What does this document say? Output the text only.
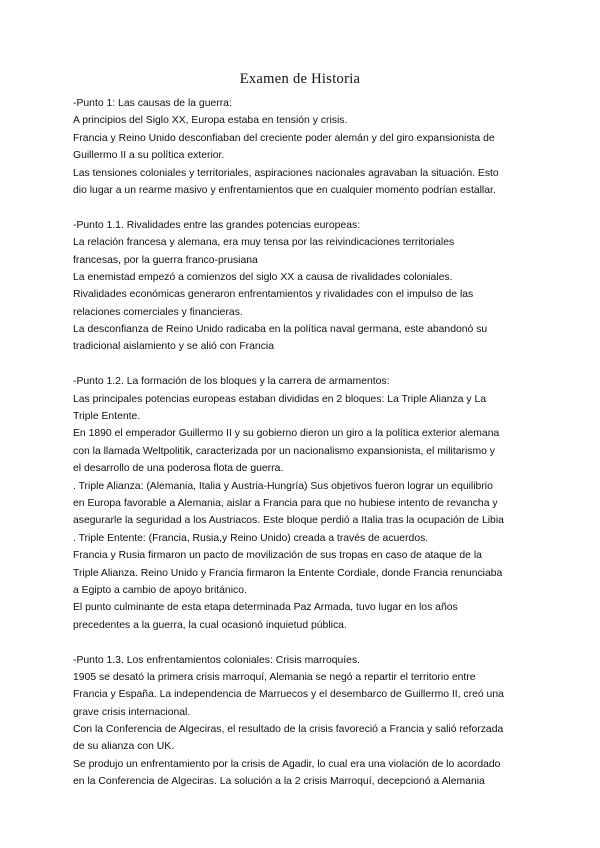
Examen de Historia

-Punto 1: Las causas de la guerra:

A principios del Siglo XX, Europa estaba en tensión y crisis.

Francia y Reino Unido desconfiaban del creciente poder alemán y del giro expansionista de

Guillermo II a su política exterior.

Las tensiones coloniales y territoriales, aspiraciones nacionales agravaban la situación. Esto

dio lugar a un rearme masivo y enfrentamientos que en cualquier momento podrían estallar.

-Punto 1.1. Rivalidades entre las grandes potencias europeas:

La relación francesa y alemana, era muy tensa por las reivindicaciones territoriales

francesas, por la guerra franco-prusiana

La enemistad empezó a comienzos del siglo XX a causa de rivalidades coloniales.

Rivalidades económicas generaron enfrentamientos y rivalidades con el impulso de las

relaciones comerciales y financieras.

La desconfianza de Reino Unido radicaba en la política naval germana, este abandonó su

tradicional aislamiento y se alió con Francia

-Punto 1.2. La formación de los bloques y la carrera de armamentos:

Las principales potencias europeas estaban divididas en 2 bloques: La Triple Alianza y La

Triple Entente.

En 1890 el emperador Guillermo II y su gobierno dieron un giro a la política exterior alemana

con la llamada Weltpolitik, caracterizada por un nacionalismo expansionista, el militarismo y

el desarrollo de una poderosa flota de guerra.

. Triple Alianza: (Alemania, Italia y Austria-Hungría) Sus objetivos fueron lograr un equilibrio

en Europa favorable a Alemania, aislar a Francia para que no hubiese intento de revancha y

asegurarle la seguridad a los Austriacos. Este bloque perdió a Italia tras la ocupación de Libia

. Triple Entente: (Francia, Rusia,y Reino Unido) creada a través de acuerdos.

Francia y Rusia firmaron un pacto de movilización de sus tropas en caso de ataque de la

Triple Alianza. Reino Unido y Francia firmaron la Entente Cordiale, donde Francia renunciaba

a Egipto a cambio de apoyo británico.

El punto culminante de esta etapa determinada Paz Armada, tuvo lugar en los años

precedentes a la guerra, la cual ocasionó inquietud pública.

-Punto 1.3. Los enfrentamientos coloniales: Crisis marroquíes.

1905 se desató la primera crisis marroquí, Alemania se negó a repartir el territorio entre

Francia y España. La independencia de Marruecos y el desembarco de Guillermo II, creó una

grave crisis internacional.

Con la Conferencia de Algeciras, el resultado de la crisis favoreció a Francia y salió reforzada

de su alianza con UK.

Se produjo un enfrentamiento por la crisis de Agadir, lo cual era una violación de lo acordado

en la Conferencia de Algeciras. La solución a la 2 crisis Marroquí, decepcionó a Alemania
